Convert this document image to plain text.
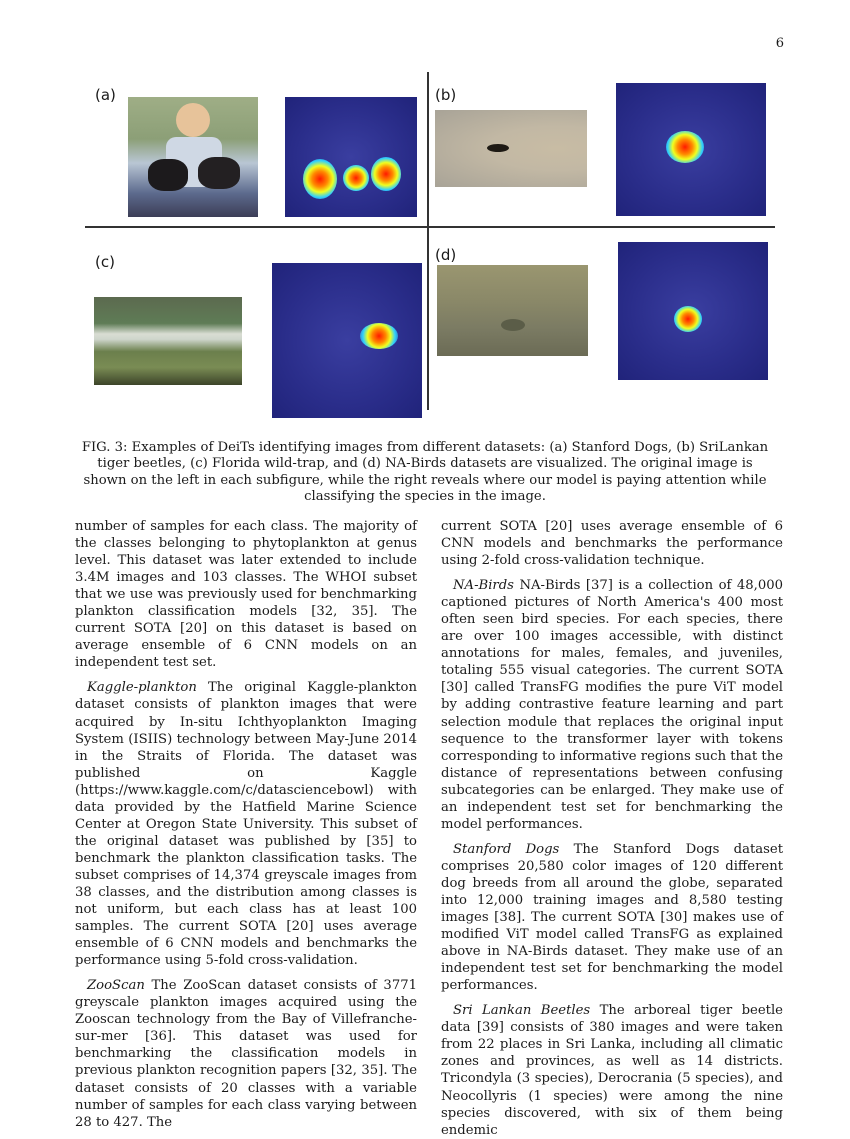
6
(a)	(b)
(c)	(d)
FIG. 3: Examples of DeiTs identifying images from different datasets: (a) Stanford Dogs, (b) SriLankan tiger beetles, (c) Florida wild-trap, and (d) NA-Birds datasets are visualized. The original image is shown on the left in each subfigure, while the right reveals where our model is paying attention while classifying the species in the image.

number of samples for each class. The majority of the classes belonging to phytoplankton at genus level. This dataset was later extended to include 3.4M images and 103 classes. The WHOI subset that we use was previously used for benchmarking plankton classification models [32, 35]. The current SOTA [20] on this dataset is based on average ensemble of 6 CNN models on an independent test set.

Kaggle-plankton The original Kaggle-plankton dataset consists of plankton images that were acquired by In-situ Ichthyoplankton Imaging System (ISIIS) technology between May-June 2014 in the Straits of Florida. The dataset was published on Kaggle (https://www.kaggle.com/c/datasciencebowl) with data provided by the Hatfield Marine Science Center at Oregon State University. This subset of the original dataset was published by [35] to benchmark the plankton classification tasks. The subset comprises of 14,374 greyscale images from 38 classes, and the distribution among classes is not uniform, but each class has at least 100 samples. The current SOTA [20] uses average ensemble of 6 CNN models and benchmarks the performance using 5-fold cross-validation.

ZooScan The ZooScan dataset consists of 3771 greyscale plankton images acquired using the Zooscan technology from the Bay of Villefranche-sur-mer [36]. This dataset was used for benchmarking the classification models in previous plankton recognition papers [32, 35]. The dataset consists of 20 classes with a variable number of samples for each class varying between 28 to 427. The

current SOTA [20] uses average ensemble of 6 CNN models and benchmarks the performance using 2-fold cross-validation technique.

NA-Birds NA-Birds [37] is a collection of 48,000 captioned pictures of North America's 400 most often seen bird species. For each species, there are over 100 images accessible, with distinct annotations for males, females, and juveniles, totaling 555 visual categories. The current SOTA [30] called TransFG modifies the pure ViT model by adding contrastive feature learning and part selection module that replaces the original input sequence to the transformer layer with tokens corresponding to informative regions such that the distance of representations between confusing subcategories can be enlarged. They make use of an independent test set for benchmarking the model performances.

Stanford Dogs The Stanford Dogs dataset comprises 20,580 color images of 120 different dog breeds from all around the globe, separated into 12,000 training images and 8,580 testing images [38]. The current SOTA [30] makes use of modified ViT model called TransFG as explained above in NA-Birds dataset. They make use of an independent test set for benchmarking the model performances.

Sri Lankan Beetles The arboreal tiger beetle data [39] consists of 380 images and were taken from 22 places in Sri Lanka, including all climatic zones and provinces, as well as 14 districts. Tricondyla (3 species), Derocrania (5 species), and Neocollyris (1 species) were among the nine species discovered, with six of them being endemic
